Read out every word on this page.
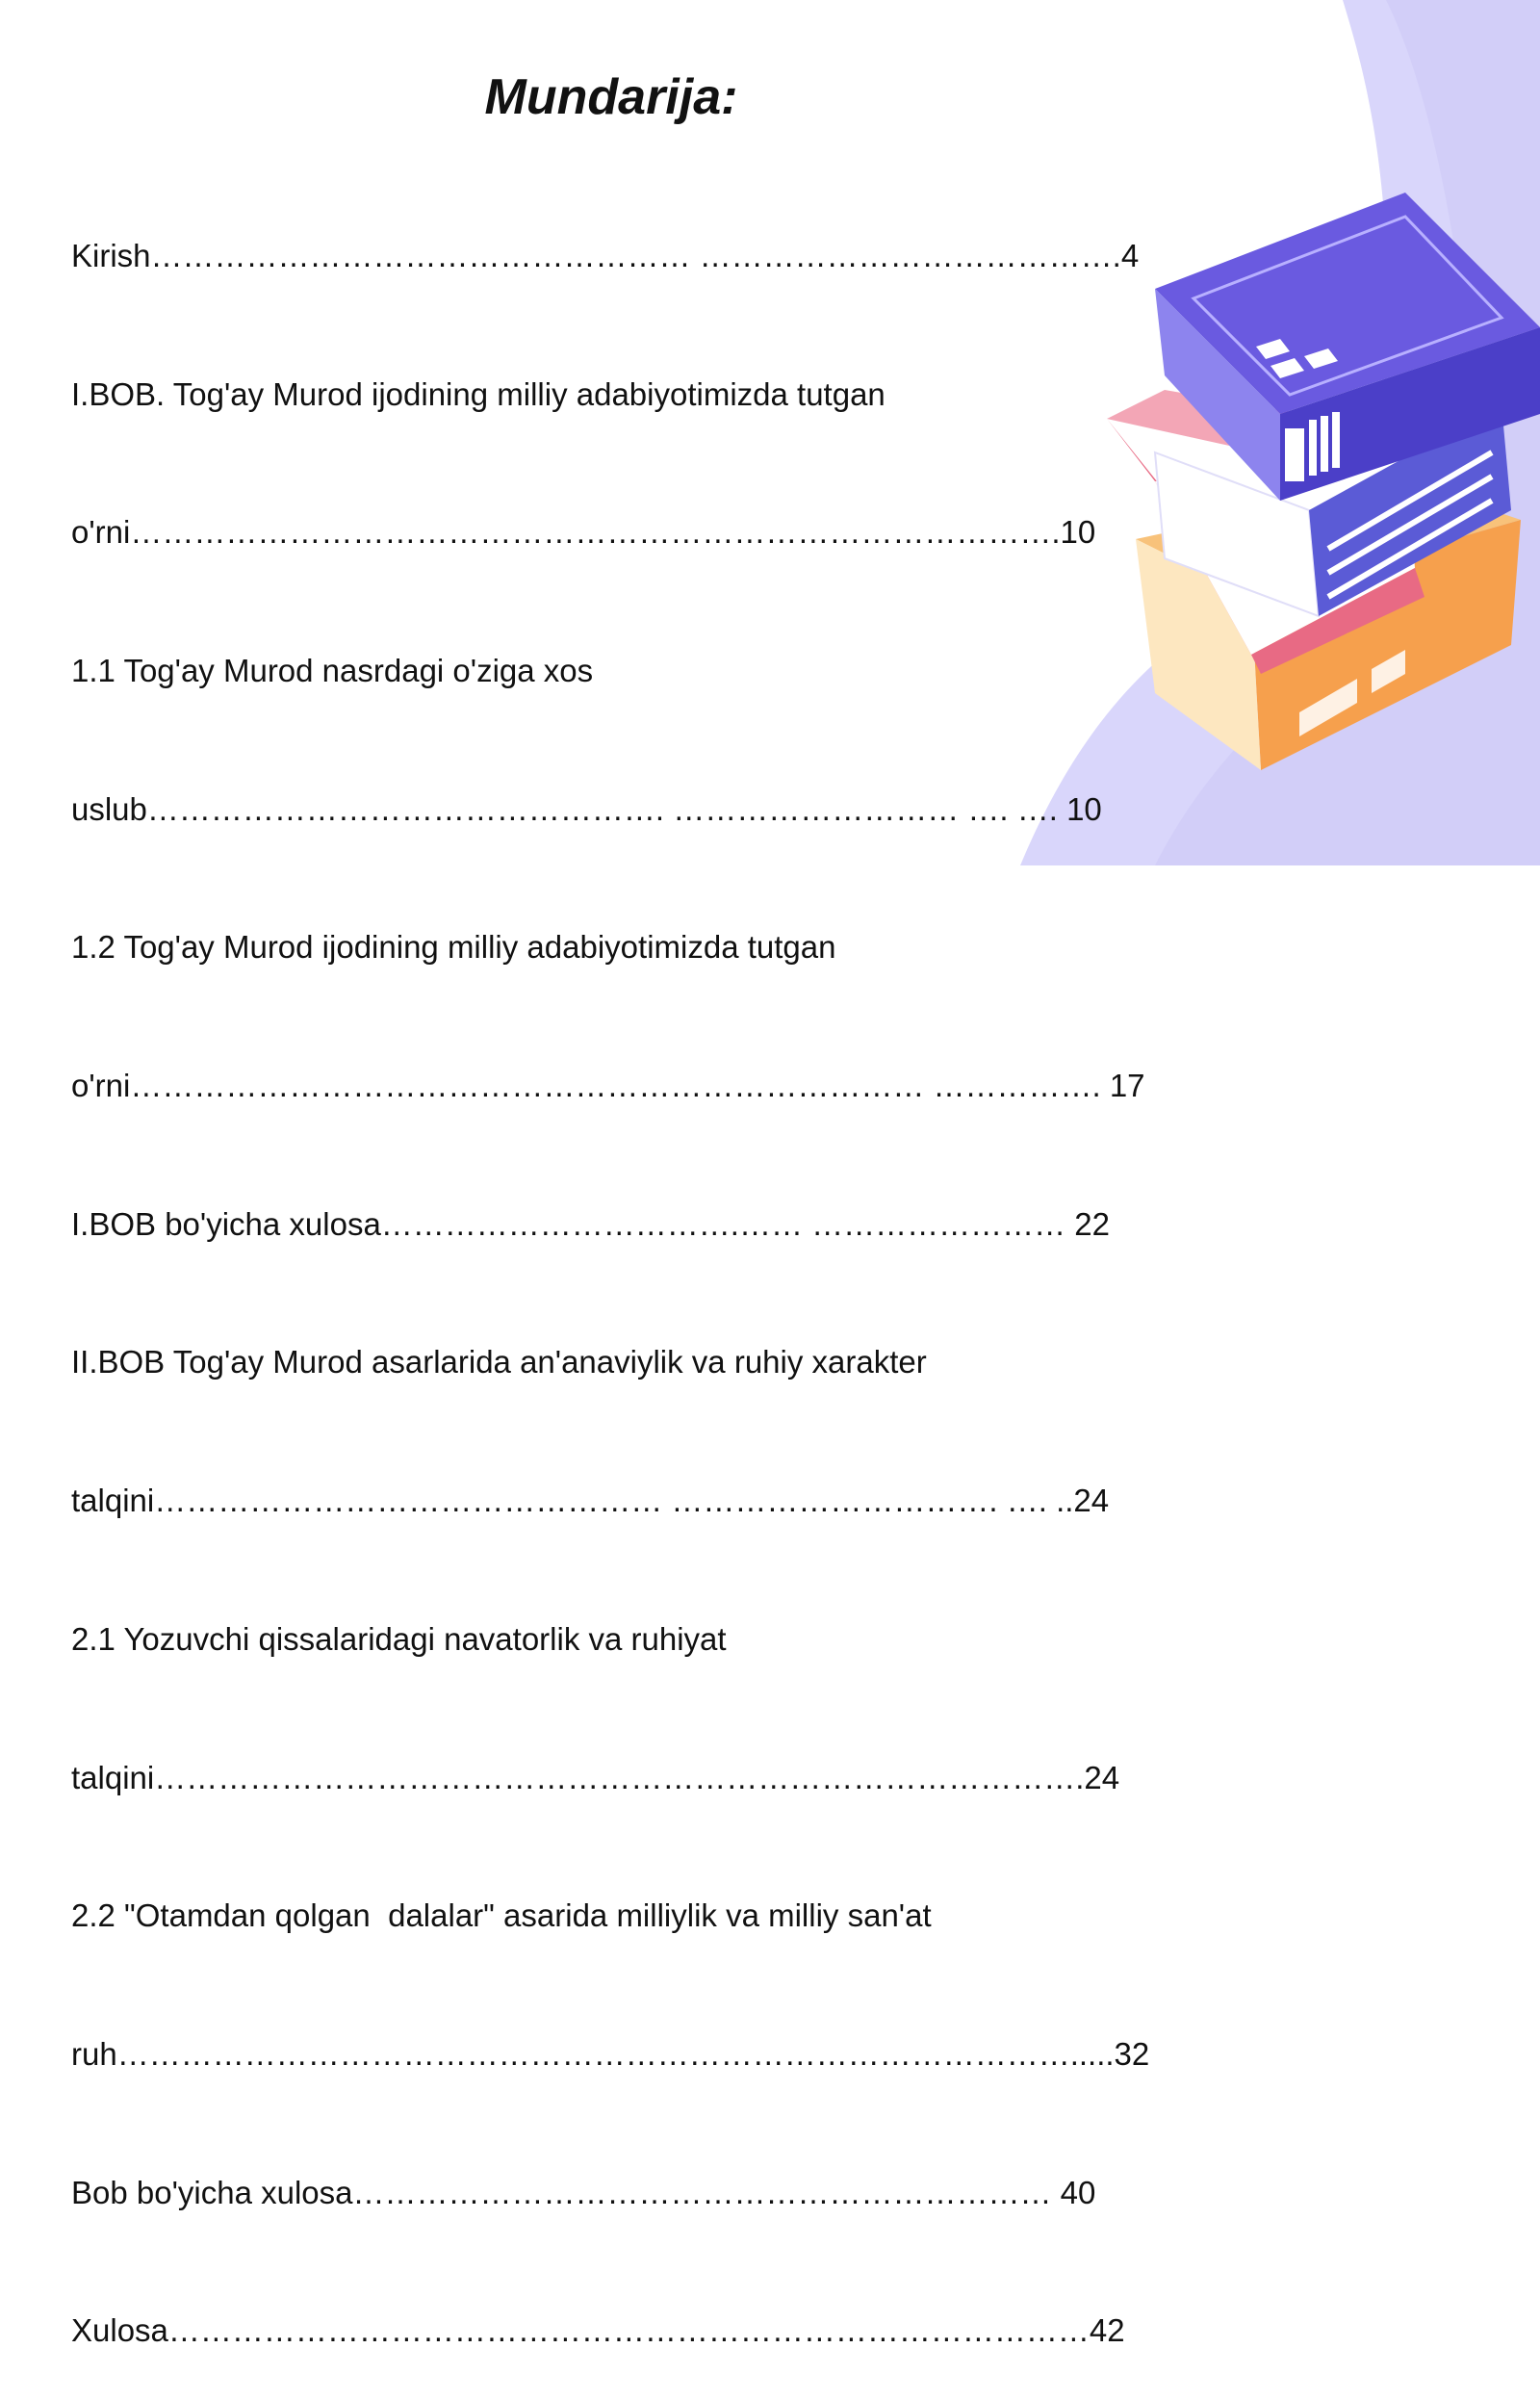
Mundarija:

Kirish…………………………………………… ………………………………….4

I.BOB. Tog'ay Murod ijodining milliy adabiyotimizda tutgan

o'rni…………………………………………………………………………….10

1.1 Tog'ay Murod nasrdagi o'ziga xos

uslub…………………………………………. ……………………… …. …. 10

1.2 Tog'ay Murod ijodining milliy adabiyotimizda tutgan

o'rni………………………………………………………………… ……………. 17

I.BOB bo'yicha xulosa…………………………….…… …………………… 22

II.BOB Tog'ay Murod asarlarida an'anaviylik va ruhiy xarakter

talqini………………………………………… …………………………. …. ..24

2.1 Yozuvchi qissalaridagi navatorlik va ruhiyat

talqini…………………………………………………………………………….24

2.2 "Otamdan qolgan  dalalar" asarida milliylik va milliy san'at

ruh……………………………………………………………………………….....32

Bob bo'yicha xulosa………………………………………………………… 40

Xulosa……………………………………………………………………………42
